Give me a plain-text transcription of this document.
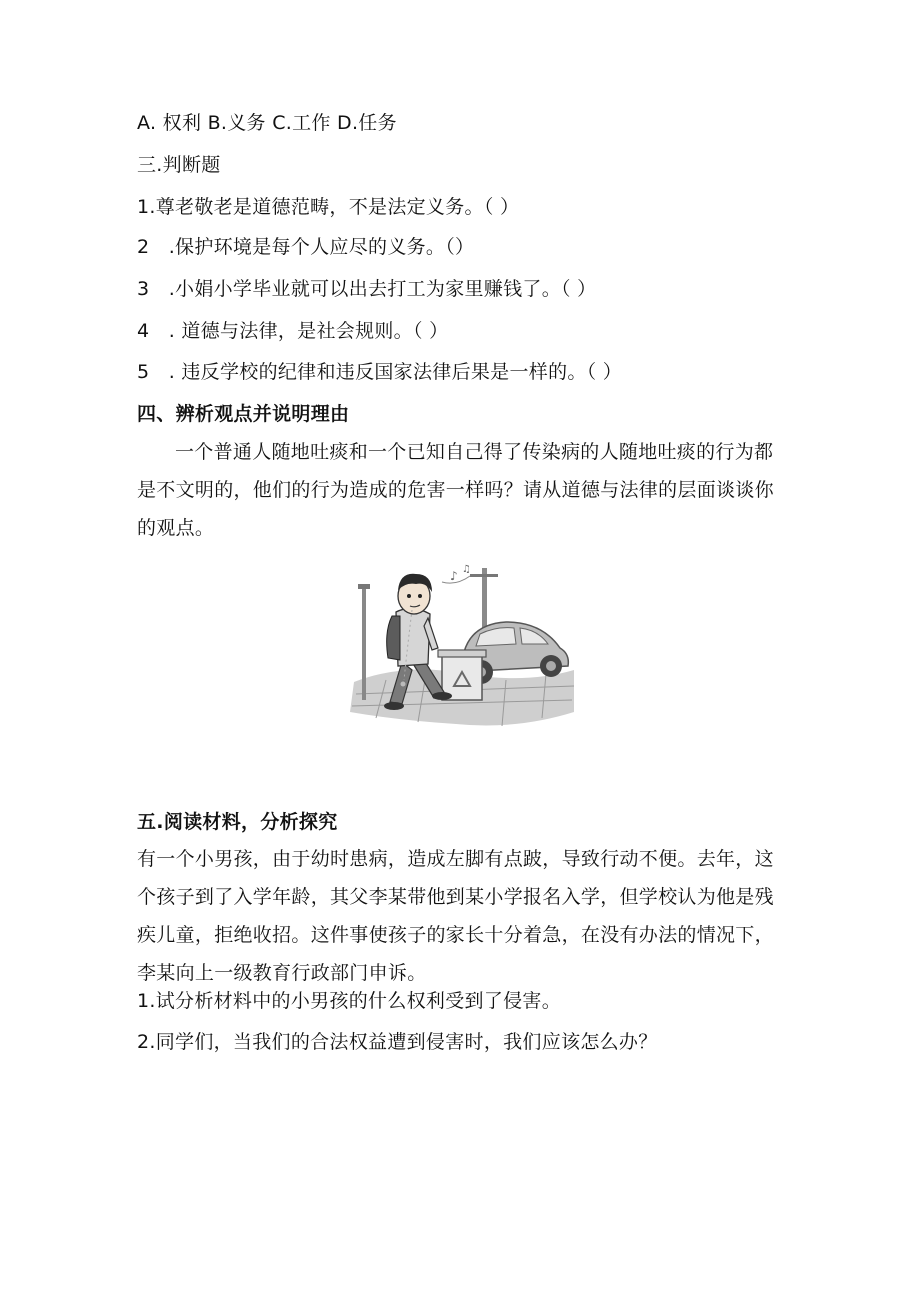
A. 权利 B.义务 C.工作 D.任务
三.判断题
1.尊老敬老是道德范畴，不是法定义务。（ ）
2　.保护环境是每个人应尽的义务。（）
3　.小娟小学毕业就可以出去打工为家里赚钱了。（ ）
4　. 道德与法律，是社会规则。（ ）
5　. 违反学校的纪律和违反国家法律后果是一样的。（ ）
四、辨析观点并说明理由

一个普通人随地吐痰和一个已知自己得了传染病的人随地吐痰的行为都是不文明的，他们的行为造成的危害一样吗？请从道德与法律的层面谈谈你的观点。

♪ ♫
五.阅读材料，分析探究

有一个小男孩，由于幼时患病，造成左脚有点跛，导致行动不便。去年，这个孩子到了入学年龄，其父李某带他到某小学报名入学，但学校认为他是残疾儿童，拒绝收招。这件事使孩子的家长十分着急，在没有办法的情况下，李某向上一级教育行政部门申诉。

1.试分析材料中的小男孩的什么权利受到了侵害。
2.同学们，当我们的合法权益遭到侵害时，我们应该怎么办？
